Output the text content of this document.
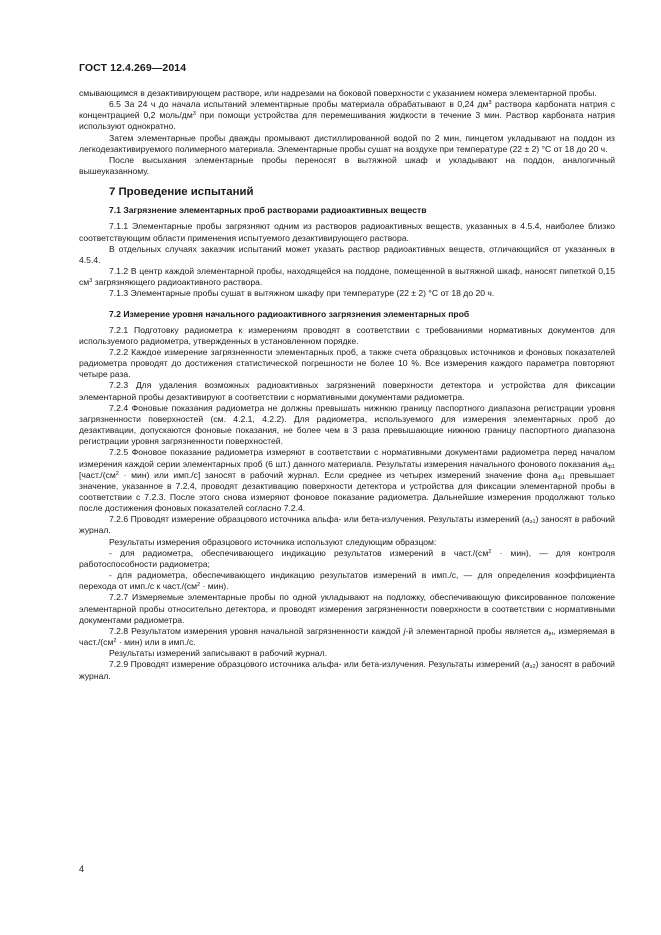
ГОСТ 12.4.269—2014

смывающимся в дезактивирующем растворе, или надрезами на боковой поверхности с указанием номера элементарной пробы.

6.5 За 24 ч до начала испытаний элементарные пробы материала обрабатывают в 0,24 $дм^3$ раствора карбоната натрия с концентрацией 0,2 моль/$дм^3$ при помощи устройства для перемешивания жидкости в течение 3 мин. Раствор карбоната натрия используют однократно.

Затем элементарные пробы дважды промывают дистиллированной водой по 2 мин, пинцетом укладывают на поддон из легкодезактивируемого полимерного материала. Элементарные пробы сушат на воздухе при температуре (22 ± 2) °С от 18 до 20 ч.

После высыхания элементарные пробы переносят в вытяжной шкаф и укладывают на поддон, аналогичный вышеуказанному.

7 Проведение испытаний
7.1 Загрязнение элементарных проб растворами радиоактивных веществ

7.1.1 Элементарные пробы загрязняют одним из растворов радиоактивных веществ, указанных в 4.5.4, наиболее близко соответствующим области применения испытуемого дезактивирующего раствора.

В отдельных случаях заказчик испытаний может указать раствор радиоактивных веществ, отличающийся от указанных в 4.5.4.

7.1.2 В центр каждой элементарной пробы, находящейся на поддоне, помещенной в вытяжной шкаф, наносят пипеткой 0,15 $см^3$ загрязняющего радиоактивного раствора.

7.1.3 Элементарные пробы сушат в вытяжном шкафу при температуре (22 ± 2) °С от 18 до 20 ч.

7.2 Измерение уровня начального радиоактивного загрязнения элементарных проб

7.2.1 Подготовку радиометра к измерениям проводят в соответствии с требованиями нормативных документов для используемого радиометра, утвержденных в установленном порядке.

7.2.2 Каждое измерение загрязненности элементарных проб, а также счета образцовых источников и фоновых показателей радиометра проводят до достижения статистической погрешности не более 10 %. Все измерения каждого параметра повторяют четыре раза.

7.2.3 Для удаления возможных радиоактивных загрязнений поверхности детектора и устройства для фиксации элементарной пробы дезактивируют в соответствии с нормативными документами радиометра.

7.2.4 Фоновые показания радиометра не должны превышать нижнюю границу паспортного диапазона регистрации уровня загрязненности поверхностей (см. 4.2.1, 4.2.2). Для радиометра, используемого для измерения элементарных проб до дезактивации, допускаются фоновые показания, не более чем в 3 раза превышающие нижнюю границу паспортного диапазона регистрации уровня загрязненности поверхностей.

7.2.5 Фоновое показание радиометра измеряют в соответствии с нормативными документами радиометра перед началом измерения каждой серии элементарных проб (6 шт.) данного материала. Результаты измерения начального фонового показания $a_{ф1}$ [$част./(см^2 \cdot мин)$ или имп./с] заносят в рабочий журнал. Если среднее из четырех измерений значение фона $a_{ф1}$ превышает значение, указанное в 7.2.4, проводят дезактивацию поверхности детектора и устройства для фиксации элементарной пробы в соответствии с 7.2.3. После этого снова измеряют фоновое показание радиометра. Дальнейшие измерения продолжают только после достижения фоновых показателей согласно 7.2.4.

7.2.6 Проводят измерение образцового источника альфа- или бета-излучения. Результаты измерений $(a_{э1})$ заносят в рабочий журнал.

Результаты измерения образцового источника используют следующим образцом:

- для радиометра, обеспечивающего индикацию результатов измерений в $част./(см^2 \cdot мин)$, — для контроля работоспособности радиометра;

- для радиометра, обеспечивающего индикацию результатов измерений в имп./с, — для определения коэффициента перехода от имп./с к $част./(см^2 \cdot мин)$.

7.2.7 Измеряемые элементарные пробы по одной укладывают на подложку, обеспечивающую фиксированное положение элементарной пробы относительно детектора, и проводят измерения загрязненности поверхности в соответствии с нормативными документами радиометра.

7.2.8 Результатом измерения уровня начальной загрязненности каждой j-й элементарной пробы является $a_{jн}$, измеряемая в $част./(см^2 \cdot мин)$ или в имп./с.

Результаты измерений записывают в рабочий журнал.

7.2.9 Проводят измерение образцового источника альфа- или бета-излучения. Результаты измерений $(a_{э2})$ заносят в рабочий журнал.

4
